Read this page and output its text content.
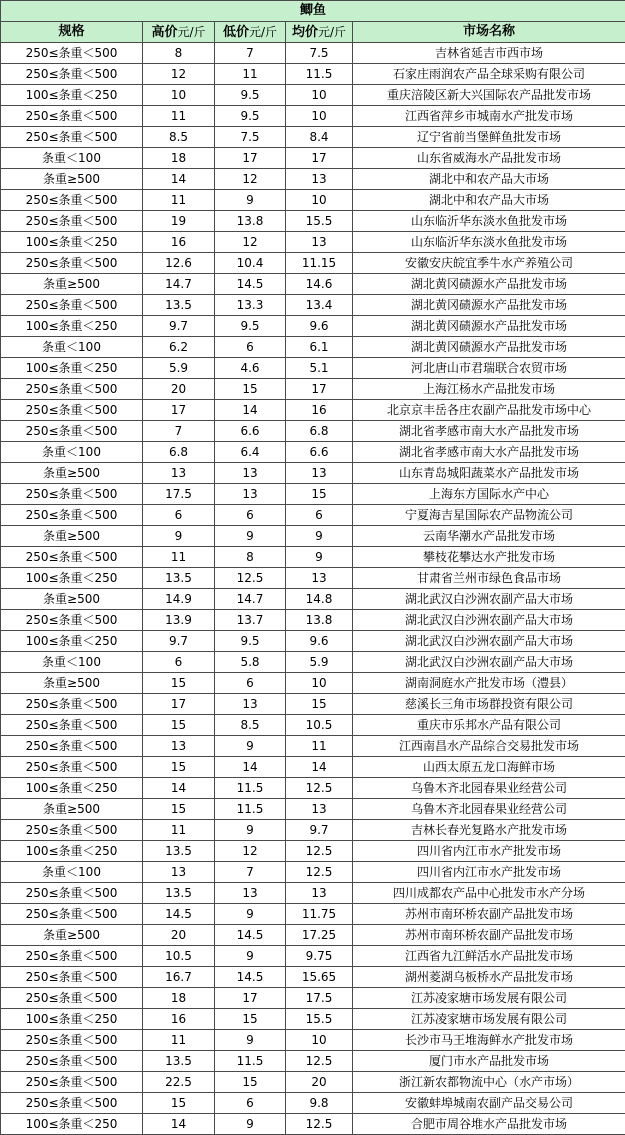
鲫鱼				
规格	高价元/斤	低价元/斤	均价元/斤	市场名称
250≤条重＜500	8	7	7.5	吉林省延吉市西市场
250≤条重＜500	12	11	11.5	石家庄雨润农产品全球采购有限公司
100≤条重＜250	10	9.5	10	重庆涪陵区新大兴国际农产品批发市场
250≤条重＜500	11	9.5	10	江西省萍乡市城南水产批发市场
250≤条重＜500	8.5	7.5	8.4	辽宁省前当堡鲜鱼批发市场
条重＜100	18	17	17	山东省威海水产品批发市场
条重≥500	14	12	13	湖北中和农产品大市场
250≤条重＜500	11	9	10	湖北中和农产品大市场
250≤条重＜500	19	13.8	15.5	山东临沂华东淡水鱼批发市场
100≤条重＜250	16	12	13	山东临沂华东淡水鱼批发市场
250≤条重＜500	12.6	10.4	11.15	安徽安庆皖宜季牛水产养殖公司
条重≥500	14.7	14.5	14.6	湖北黄冈碛源水产品批发市场
250≤条重＜500	13.5	13.3	13.4	湖北黄冈碛源水产品批发市场
100≤条重＜250	9.7	9.5	9.6	湖北黄冈碛源水产品批发市场
条重＜100	6.2	6	6.1	湖北黄冈碛源水产品批发市场
100≤条重＜250	5.9	4.6	5.1	河北唐山市君瑞联合农贸市场
250≤条重＜500	20	15	17	上海江杨水产品批发市场
250≤条重＜500	17	14	16	北京京丰岳各庄农副产品批发市场中心
250≤条重＜500	7	6.6	6.8	湖北省孝感市南大水产品批发市场
条重＜100	6.8	6.4	6.6	湖北省孝感市南大水产品批发市场
条重≥500	13	13	13	山东青岛城阳蔬菜水产品批发市场
250≤条重＜500	17.5	13	15	上海东方国际水产中心
250≤条重＜500	6	6	6	宁夏海吉星国际农产品物流公司
条重≥500	9	9	9	云南华潮水产品批发市场
250≤条重＜500	11	8	9	攀枝花攀达水产批发市场
100≤条重＜250	13.5	12.5	13	甘肃省兰州市绿色食品市场
条重≥500	14.9	14.7	14.8	湖北武汉白沙洲农副产品大市场
250≤条重＜500	13.9	13.7	13.8	湖北武汉白沙洲农副产品大市场
100≤条重＜250	9.7	9.5	9.6	湖北武汉白沙洲农副产品大市场
条重＜100	6	5.8	5.9	湖北武汉白沙洲农副产品大市场
条重≥500	15	6	10	湖南洞庭水产批发市场（澧县）
250≤条重＜500	17	13	15	慈溪长三角市场群投资有限公司
250≤条重＜500	15	8.5	10.5	重庆市乐邦水产品有限公司
250≤条重＜500	13	9	11	江西南昌水产品综合交易批发市场
250≤条重＜500	15	14	14	山西太原五龙口海鲜市场
100≤条重＜250	14	11.5	12.5	乌鲁木齐北园春果业经营公司
条重≥500	15	11.5	13	乌鲁木齐北园春果业经营公司
250≤条重＜500	11	9	9.7	吉林长春光复路水产批发市场
100≤条重＜250	13.5	12	12.5	四川省内江市水产批发市场
条重＜100	13	7	12.5	四川省内江市水产批发市场
250≤条重＜500	13.5	13	13	四川成都农产品中心批发市水产分场
250≤条重＜500	14.5	9	11.75	苏州市南环桥农副产品批发市场
条重≥500	20	14.5	17.25	苏州市南环桥农副产品批发市场
250≤条重＜500	10.5	9	9.75	江西省九江鲜活水产品批发市场
250≤条重＜500	16.7	14.5	15.65	湖州菱湖乌板桥水产品批发市场
250≤条重＜500	18	17	17.5	江苏凌家塘市场发展有限公司
100≤条重＜250	16	15	15.5	江苏凌家塘市场发展有限公司
250≤条重＜500	11	9	10	长沙市马王堆海鲜水产批发市场
250≤条重＜500	13.5	11.5	12.5	厦门市水产品批发市场
250≤条重＜500	22.5	15	20	浙江新农都物流中心（水产市场）
250≤条重＜500	15	6	9.8	安徽蚌埠城南农副产品交易公司
100≤条重＜250	14	9	12.5	合肥市周谷堆水产品批发市场
